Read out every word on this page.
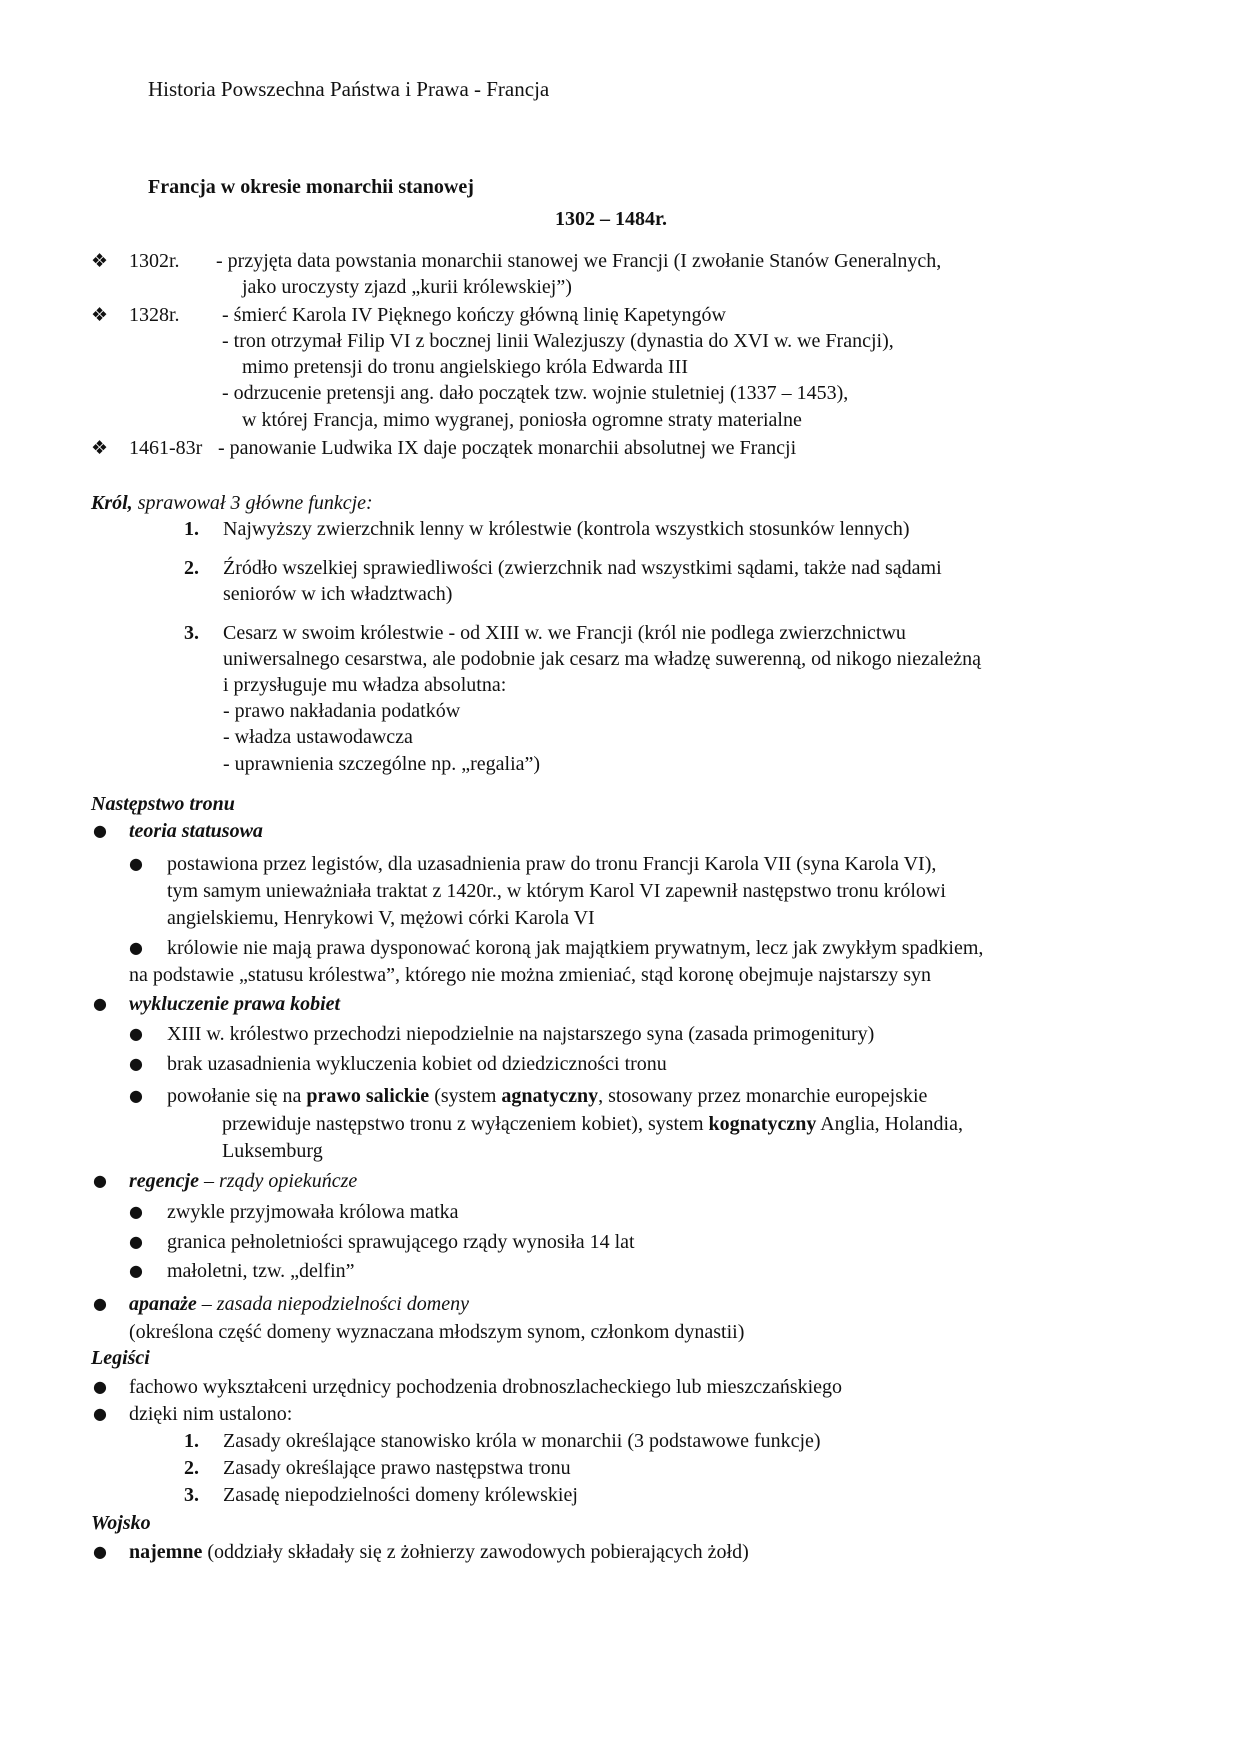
Historia Powszechna Państwa i Prawa - Francja
Francja w okresie monarchii stanowej
1302 – 1484r.
❖ 1302r. - przyjęta data powstania monarchii stanowej we Francji (I zwołanie Stanów Generalnych,
jako uroczysty zjazd „kurii królewskiej”)
❖ 1328r. - śmierć Karola IV Pięknego kończy główną linię Kapetyngów
- tron otrzymał Filip VI z bocznej linii Walezjuszy (dynastia do XVI w. we Francji),
mimo pretensji do tronu angielskiego króla Edwarda III
- odrzucenie pretensji ang. dało początek tzw. wojnie stuletniej (1337 – 1453),
w której Francja, mimo wygranej, poniosła ogromne straty materialne
❖ 1461-83r - panowanie Ludwika IX daje początek monarchii absolutnej we Francji
Król, sprawował 3 główne funkcje:
1. Najwyższy zwierzchnik lenny w królestwie (kontrola wszystkich stosunków lennych)
2. Źródło wszelkiej sprawiedliwości (zwierzchnik nad wszystkimi sądami, także nad sądami
seniorów w ich władztwach)
3. Cesarz w swoim królestwie - od XIII w. we Francji (król nie podlega zwierzchnictwu
uniwersalnego cesarstwa, ale podobnie jak cesarz ma władzę suwerenną, od nikogo niezależną
i przysługuje mu władza absolutna:
- prawo nakładania podatków
- władza ustawodawcza
- uprawnienia szczególne np. „regalia”)
Następstwo tronu
● teoria statusowa
● postawiona przez legistów, dla uzasadnienia praw do tronu Francji Karola VII (syna Karola VI),
tym samym unieważniała traktat z 1420r., w którym Karol VI zapewnił następstwo tronu królowi
angielskiemu, Henrykowi V, mężowi córki Karola VI
● królowie nie mają prawa dysponować koroną jak majątkiem prywatnym, lecz jak zwykłym spadkiem,
na podstawie „statusu królestwa”, którego nie można zmieniać, stąd koronę obejmuje najstarszy syn
● wykluczenie prawa kobiet
● XIII w. królestwo przechodzi niepodzielnie na najstarszego syna (zasada primogenitury)
● brak uzasadnienia wykluczenia kobiet od dziedziczności tronu
● powołanie się na prawo salickie (system agnatyczny, stosowany przez monarchie europejskie
przewiduje następstwo tronu z wyłączeniem kobiet), system kognatyczny Anglia, Holandia,
Luksemburg
● regencje – rządy opiekuńcze
● zwykle przyjmowała królowa matka
● granica pełnoletniości sprawującego rządy wynosiła 14 lat
● małoletni, tzw. „delfin”
● apanaże – zasada niepodzielności domeny
(określona część domeny wyznaczana młodszym synom, członkom dynastii)
Legiści
● fachowo wykształceni urzędnicy pochodzenia drobnoszlacheckiego lub mieszczańskiego
● dzięki nim ustalono:
1. Zasady określające stanowisko króla w monarchii (3 podstawowe funkcje)
2. Zasady określające prawo następstwa tronu
3. Zasadę niepodzielności domeny królewskiej
Wojsko
● najemne (oddziały składały się z żołnierzy zawodowych pobierających żołd)
